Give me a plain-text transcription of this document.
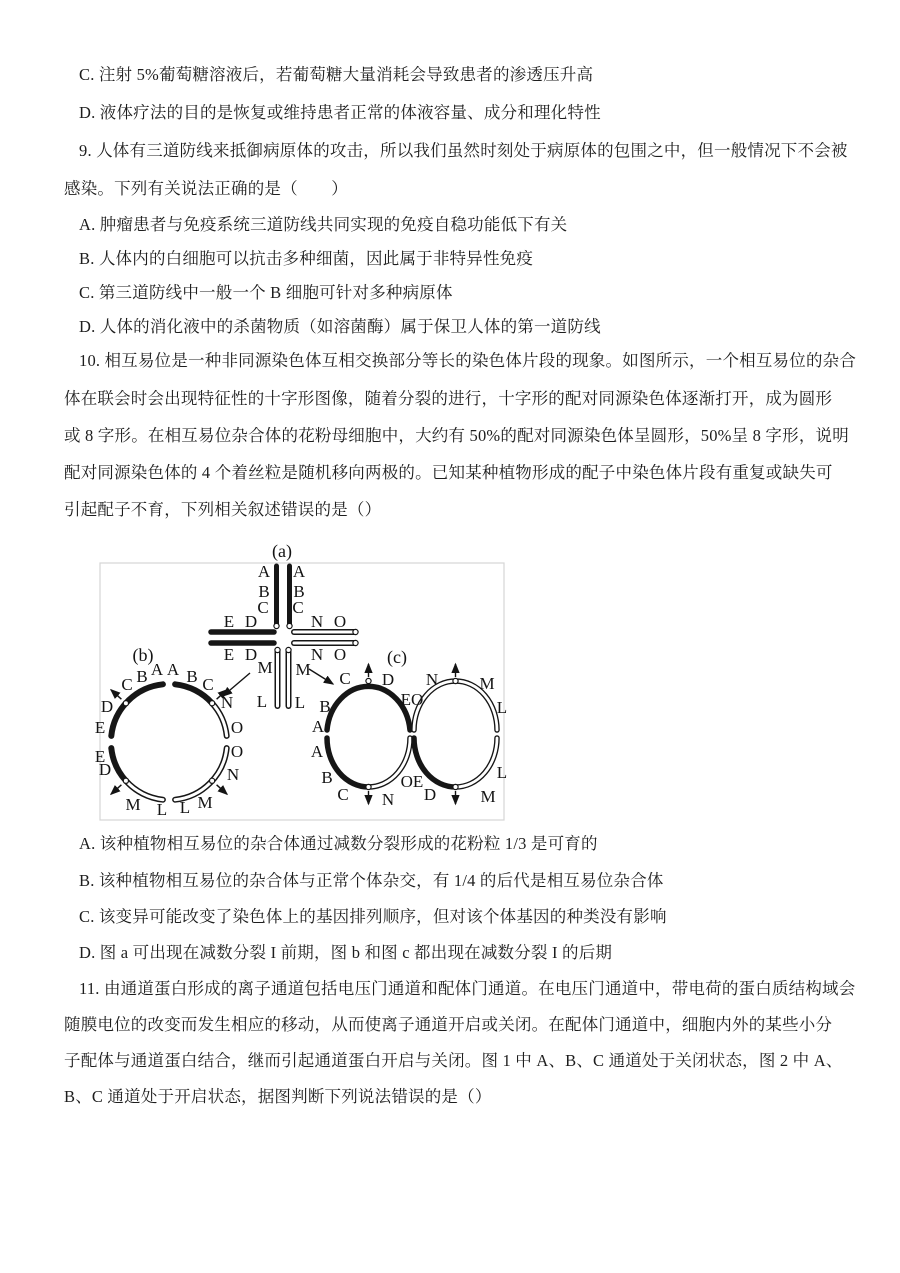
C. 注射 5%葡萄糖溶液后，若葡萄糖大量消耗会导致患者的渗透压升高
D. 液体疗法的目的是恢复或维持患者正常的体液容量、成分和理化特性
9. 人体有三道防线来抵御病原体的攻击，所以我们虽然时刻处于病原体的包围之中，但一般情况下不会被
感染。下列有关说法正确的是（　　）
A. 肿瘤患者与免疫系统三道防线共同实现的免疫自稳功能低下有关
B. 人体内的白细胞可以抗击多种细菌，因此属于非特异性免疫
C. 第三道防线中一般一个 B 细胞可针对多种病原体
D. 人体的消化液中的杀菌物质（如溶菌酶）属于保卫人体的第一道防线
10. 相互易位是一种非同源染色体互相交换部分等长的染色体片段的现象。如图所示，一个相互易位的杂合
体在联会时会出现特征性的十字形图像，随着分裂的进行，十字形的配对同源染色体逐渐打开，成为圆形
或 8 字形。在相互易位杂合体的花粉母细胞中，大约有 50%的配对同源染色体呈圆形，50%呈 8 字形，说明
配对同源染色体的 4 个着丝粒是随机移向两极的。已知某种植物形成的配子中染色体片段有重复或缺失可
引起配子不育，下列相关叙述错误的是（）
A. 该种植物相互易位的杂合体通过减数分裂形成的花粉粒 1/3 是可育的
B. 该种植物相互易位的杂合体与正常个体杂交，有 1/4 的后代是相互易位杂合体
C. 该变异可能改变了染色体上的基因排列顺序，但对该个体基因的种类没有影响
D. 图 a 可出现在减数分裂 I 前期，图 b 和图 c 都出现在减数分裂 I 的后期
11. 由通道蛋白形成的离子通道包括电压门通道和配体门通道。在电压门通道中，带电荷的蛋白质结构域会
随膜电位的改变而发生相应的移动，从而使离子通道开启或关闭。在配体门通道中，细胞内外的某些小分
子配体与通道蛋白结合，继而引起通道蛋白开启与关闭。图 1 中 A、B、C 通道处于关闭状态，图 2 中 A、
B、C 通道处于开启状态，据图判断下列说法错误的是（）
(a)
A A
B B
C C
E D	N O
E D	N O
M M
L L
(b)
C B A A B C
N
O
O
N
M
L
L
M
D
E
E
D
(c)
C D
EO
B
A
A
B
C N
OE
N M
L
L
M
D
